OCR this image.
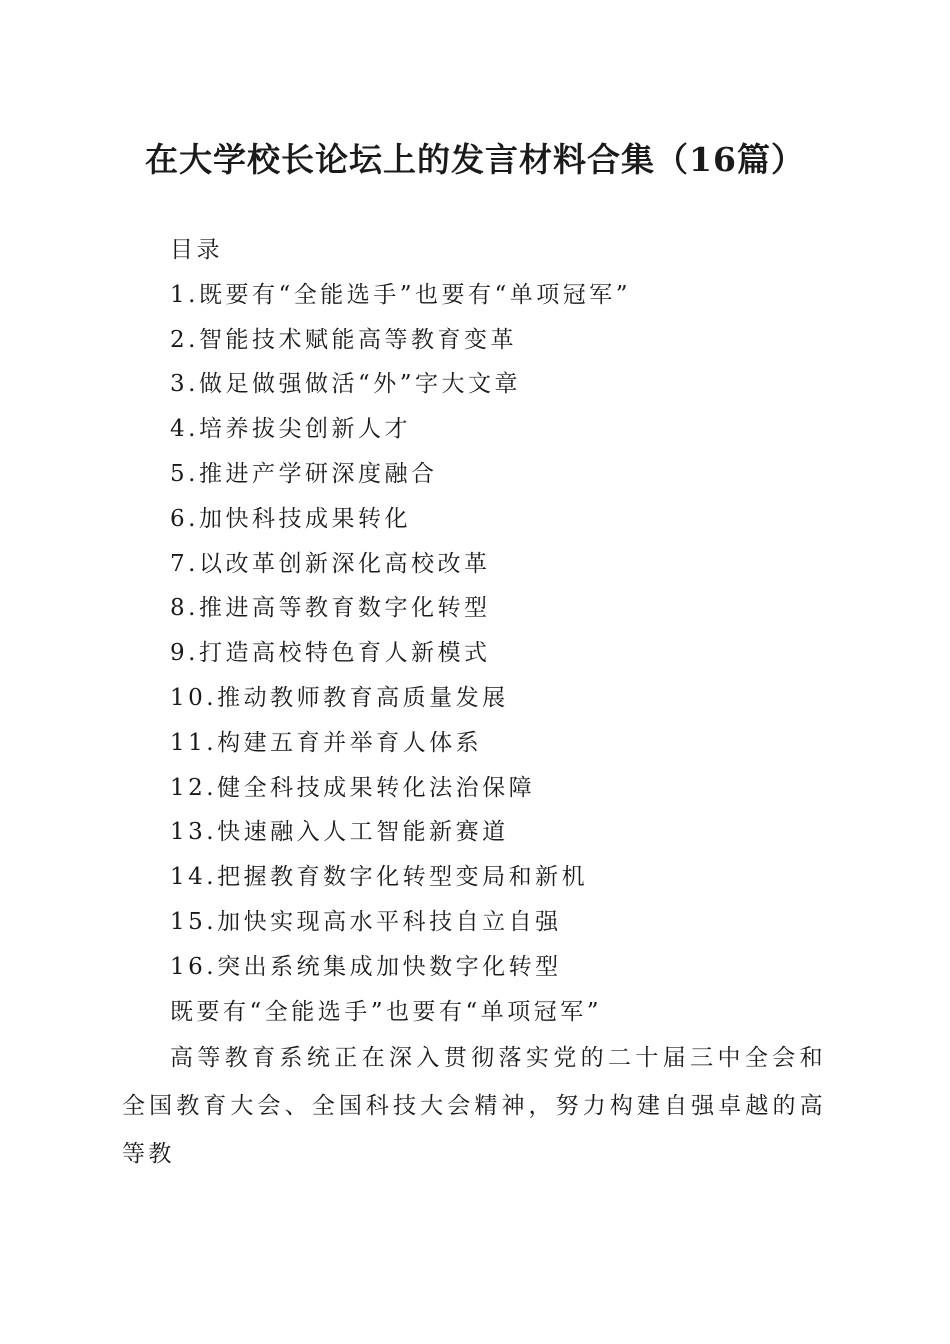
在大学校长论坛上的发言材料合集（16篇）
目录
1.既要有“全能选手”也要有“单项冠军”
2.智能技术赋能高等教育变革
3.做足做强做活“外”字大文章
4.培养拔尖创新人才
5.推进产学研深度融合
6.加快科技成果转化
7.以改革创新深化高校改革
8.推进高等教育数字化转型
9.打造高校特色育人新模式
10.推动教师教育高质量发展
11.构建五育并举育人体系
12.健全科技成果转化法治保障
13.快速融入人工智能新赛道
14.把握教育数字化转型变局和新机
15.加快实现高水平科技自立自强
16.突出系统集成加快数字化转型
既要有“全能选手”也要有“单项冠军”

高等教育系统正在深入贯彻落实党的二十届三中全会和全国教育大会、全国科技大会精神，努力构建自强卓越的高等教
